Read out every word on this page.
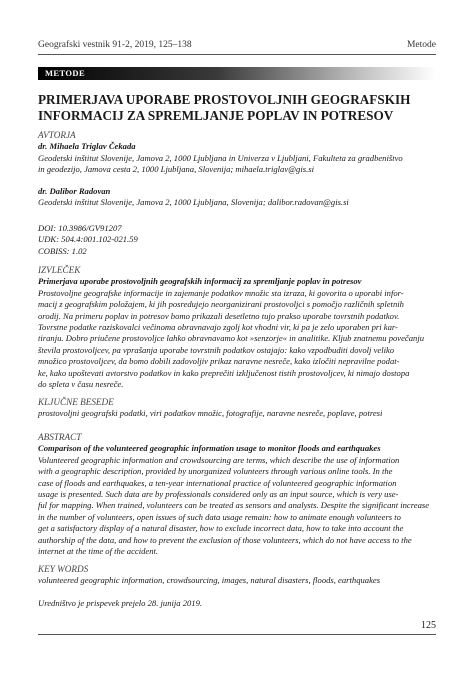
Geografski vestnik 91-2, 2019, 125–138	Metode
METODE
PRIMERJAVA UPORABE PROSTOVOLJNIH GEOGRAFSKIH
INFORMACIJ ZA SPREMLJANJE POPLAV IN POTRESOV
AVTORJA
dr. Mihaela Triglav Čekada
Geodetski inštitut Slovenije, Jamova 2, 1000 Ljubljana in Univerza v Ljubljani, Fakulteta za gradbeništvo
in geodezijo, Jamova cesta 2, 1000 Ljubljana, Slovenija; mihaela.triglav@gis.si
dr. Dalibor Radovan
Geodetski inštitut Slovenije, Jamova 2, 1000 Ljubljana, Slovenija; dalibor.radovan@gis.si
DOI: 10.3986/GV91207
UDK: 504.4:001.102-021.59
COBISS: 1.02
IZVLEČEK
Primerjava uporabe prostovoljnih geografskih informacij za spremljanje poplav in potresov
Prostovoljne geografske informacije in zajemanje podatkov množic sta izraza, ki govorita o uporabi infor-
macij z geografskim položajem, ki jih posredujejo neorganizirani prostovoljci s pomočjo različnih spletnih
orodij. Na primeru poplav in potresov bomo prikazali desetletno tujo prakso uporabe tovrstnih podatkov.
Tovrstne podatke raziskovalci večinoma obravnavajo zgolj kot vhodni vir, ki pa je zelo uporaben pri kar-
tiranju. Dobro priučene prostovoljce lahko obravnavamo kot »senzorje« in analitike. Kljub znatnemu povečanju
števila prostovoljcev, pa vprašanja uporabe tovrstnih podatkov ostajajo: kako vzpodbuditi dovolj veliko
množico prostovoljcev, da bomo dobili zadovoljiv prikaz naravne nesreče, kako izločiti nepravilne podat-
ke, kako upoštevati avtorstvo podatkov in kako preprečiti izključenost tistih prostovoljcev, ki nimajo dostopa
do spleta v času nesreče.
KLJUČNE BESEDE
prostovoljni geografski podatki, viri podatkov množic, fotografije, naravne nesreče, poplave, potresi
ABSTRACT
Comparison of the volunteered geographic information usage to monitor floods and earthquakes
Volunteered geographic information and crowdsourcing are terms, which describe the use of information
with a geographic description, provided by unorganized volunteers through various online tools. In the
case of floods and earthquakes, a ten-year international practice of volunteered geographic information
usage is presented. Such data are by professionals considered only as an input source, which is very use-
ful for mapping. When trained, volunteers can be treated as sensors and analysts. Despite the significant increase
in the number of volunteers, open issues of such data usage remain: how to animate enough volunteers to
get a satisfactory display of a natural disaster, how to exclude incorrect data, how to take into account the
authorship of the data, and how to prevent the exclusion of those volunteers, which do not have access to the
internet at the time of the accident.
KEY WORDS
volunteered geographic information, crowdsourcing, images, natural disasters, floods, earthquakes
Uredništvo je prispevek prejelo 28. junija 2019.
125
